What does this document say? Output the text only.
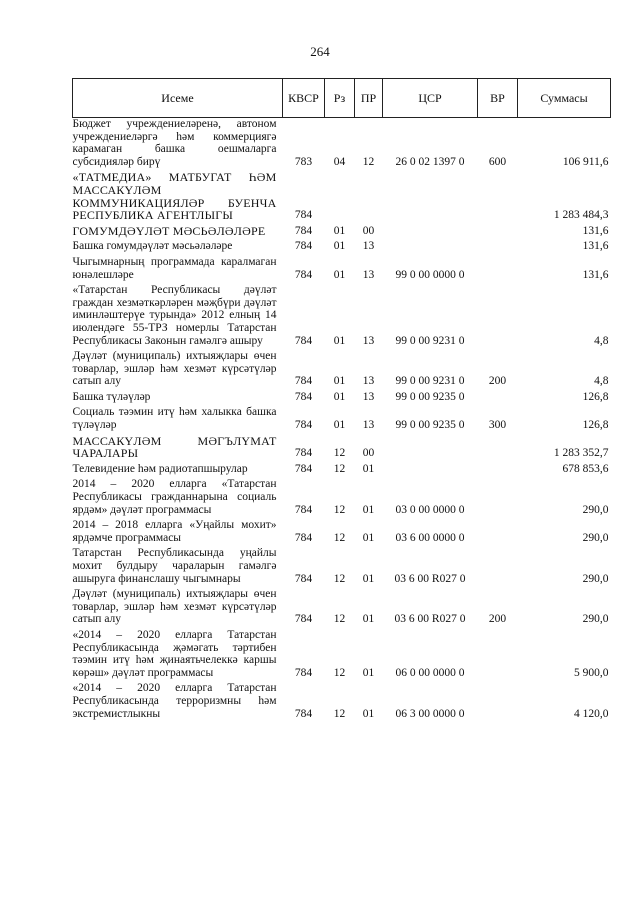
264
Исеме	КВСР	Рз	ПР	ЦСР	ВР	Суммасы
Бюджет учреждениеләренә, автоном учреждениеләргә һәм коммерциягә карамаган башка оешмаларга субсидияләр бирү	783	04	12	26 0 02 1397 0	600	106 911,6
«ТАТМЕДИА» МАТБУГАТ ҺӘМ МАССАКҮЛӘМ КОММУНИКАЦИЯЛӘР БУЕНЧА РЕСПУБЛИКА АГЕНТЛЫГЫ	784					1 283 484,3
ГОМУМДӘҮЛӘТ МӘСЬӘЛӘЛӘРЕ	784	01	00			131,6
Башка гомумдәүләт мәсьәләләре	784	01	13			131,6
Чыгымнарның программада каралмаган юнәлешләре	784	01	13	99 0 00 0000 0		131,6
«Татарстан Республикасы дәүләт граждан хезмәткәрләрен мәҗбүри дәүләт иминләштерүе турында» 2012 елның 14 июлендәге 55-ТРЗ номерлы Татарстан Республикасы Законын гамәлгә ашыру	784	01	13	99 0 00 9231 0		4,8
Дәүләт (муниципаль) ихтыяҗлары өчен товарлар, эшләр һәм хезмәт күрсәтүләр сатып алу	784	01	13	99 0 00 9231 0	200	4,8
Башка түләүләр	784	01	13	99 0 00 9235 0		126,8
Социаль тәэмин итү һәм халыкка башка түләүләр	784	01	13	99 0 00 9235 0	300	126,8
МАССАКҮЛӘМ МӘГЪЛҮМАТ ЧАРАЛАРЫ	784	12	00			1 283 352,7
Телевидение һәм радиотапшырулар	784	12	01			678 853,6
2014 – 2020 елларга «Татарстан Республикасы гражданнарына социаль ярдәм» дәүләт программасы	784	12	01	03 0 00 0000 0		290,0
2014 – 2018 елларга «Уңайлы мохит» ярдәмче программасы	784	12	01	03 6 00 0000 0		290,0
Татарстан Республикасында уңайлы мохит булдыру чараларын гамәлгә ашыруга финанслашу чыгымнары	784	12	01	03 6 00 R027 0		290,0
Дәүләт (муниципаль) ихтыяҗлары өчен товарлар, эшләр һәм хезмәт күрсәтүләр сатып алу	784	12	01	03 6 00 R027 0	200	290,0
«2014 – 2020 елларга Татарстан Республикасында җәмәгать тәртибен тәэмин итү һәм җинаятьчелеккә каршы көрәш» дәүләт программасы	784	12	01	06 0 00 0000 0		5 900,0
«2014 – 2020 елларга Татарстан Республикасында терроризмны һәм экстремистлыкны	784	12	01	06 3 00 0000 0		4 120,0
